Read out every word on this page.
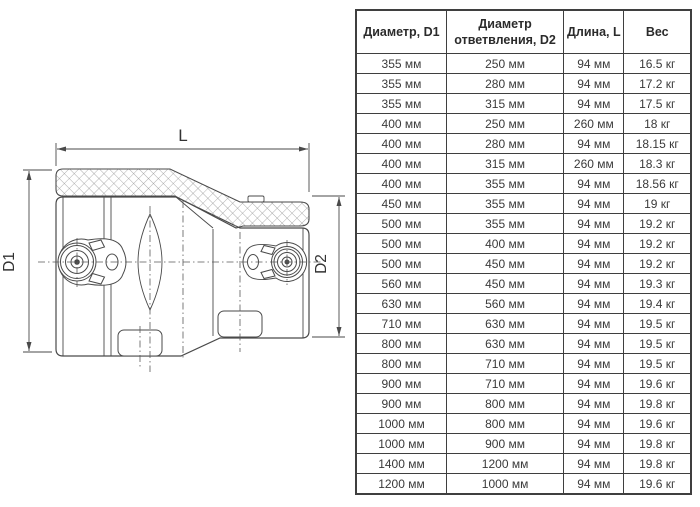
L
D1	D2
Диаметр, D1	Диаметр ответвления, D2	Длина, L	Вес
355 мм	250 мм	94 мм	16.5 кг
355 мм	280 мм	94 мм	17.2 кг
355 мм	315 мм	94 мм	17.5 кг
400 мм	250 мм	260 мм	18 кг
400 мм	280 мм	94 мм	18.15 кг
400 мм	315 мм	260 мм	18.3 кг
400 мм	355 мм	94 мм	18.56 кг
450 мм	355 мм	94 мм	19 кг
500 мм	355 мм	94 мм	19.2 кг
500 мм	400 мм	94 мм	19.2 кг
500 мм	450 мм	94 мм	19.2 кг
560 мм	450 мм	94 мм	19.3 кг
630 мм	560 мм	94 мм	19.4 кг
710 мм	630 мм	94 мм	19.5 кг
800 мм	630 мм	94 мм	19.5 кг
800 мм	710 мм	94 мм	19.5 кг
900 мм	710 мм	94 мм	19.6 кг
900 мм	800 мм	94 мм	19.8 кг
1000 мм	800 мм	94 мм	19.6 кг
1000 мм	900 мм	94 мм	19.8 кг
1400 мм	1200 мм	94 мм	19.8 кг
1200 мм	1000 мм	94 мм	19.6 кг
